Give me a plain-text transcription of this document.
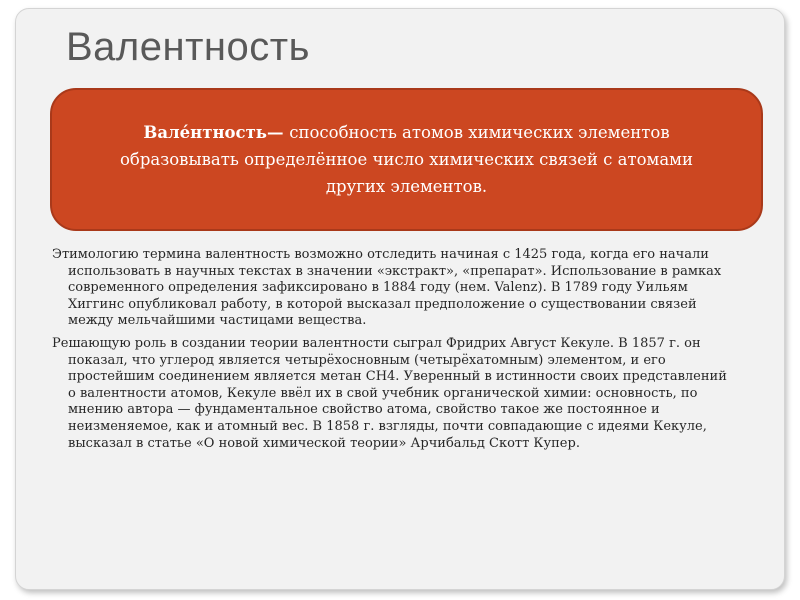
Валентность

Вале́нтность— способность атомов химических элементов образовывать определённое число химических связей с атомами других элементов.

Этимологию термина валентность возможно отследить начиная с 1425 года, когда его начали использовать в научных текстах в значении «экстракт», «препарат». Использование в рамках современного определения зафиксировано в 1884 году (нем. Valenz). В 1789 году Уильям Хиггинс опубликовал работу, в которой высказал предположение о существовании связей между мельчайшими частицами вещества.

Решающую роль в создании теории валентности сыграл Фридрих Август Кекуле. В 1857 г. он показал, что углерод является четырёхосновным (четырёхатомным) элементом, и его простейшим соединением является метан CH4. Уверенный в истинности своих представлений о валентности атомов, Кекуле ввёл их в свой учебник органической химии: основность, по мнению автора — фундаментальное свойство атома, свойство такое же постоянное и неизменяемое, как и атомный вес. В 1858 г. взгляды, почти совпадающие с идеями Кекуле, высказал в статье «О новой химической теории» Арчибальд Скотт Купер.
